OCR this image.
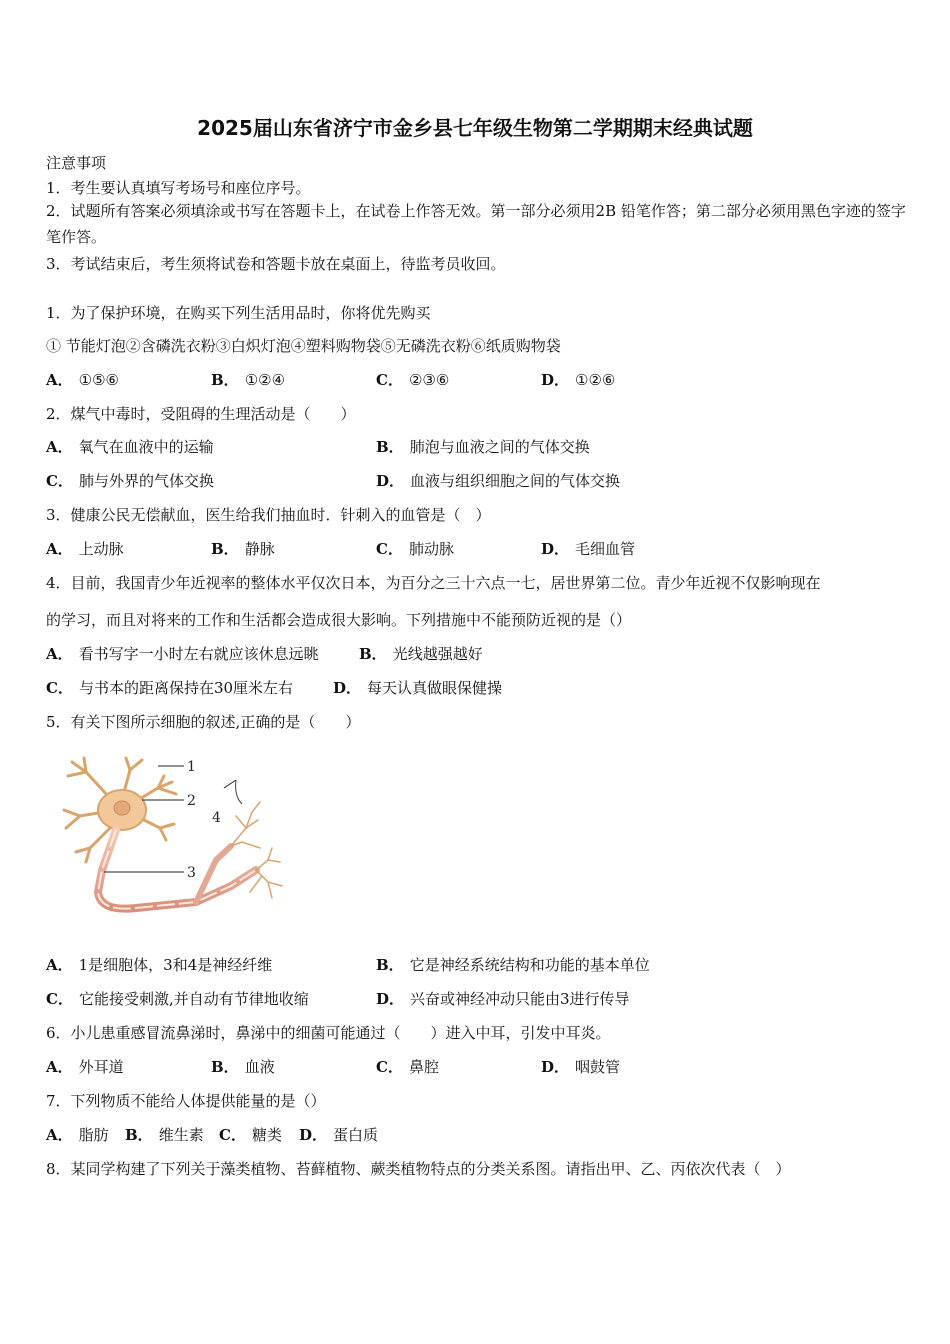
2025届山东省济宁市金乡县七年级生物第二学期期末经典试题
注意事项
1．考生要认真填写考场号和座位序号。
2．试题所有答案必须填涂或书写在答题卡上，在试卷上作答无效。第一部分必须用2B 铅笔作答；第二部分必须用黑色字迹的签字笔作答。
3．考试结束后，考生须将试卷和答题卡放在桌面上，待监考员收回。
1．为了保护环境，在购买下列生活用品时，你将优先购买
① 节能灯泡②含磷洗衣粉③白炽灯泡④塑料购物袋⑤无磷洗衣粉⑥纸质购物袋
A． ①⑤⑥	B． ①②④	C． ②③⑥	D． ①②⑥
2．煤气中毒时，受阻碍的生理活动是（　　）
A． 氧气在血液中的运输	B． 肺泡与血液之间的气体交换
C． 肺与外界的气体交换	D． 血液与组织细胞之间的气体交换
3．健康公民无偿献血，医生给我们抽血时．针刺入的血管是（　）
A． 上动脉	B． 静脉	C． 肺动脉	D． 毛细血管
4．目前，我国青少年近视率的整体水平仅次日本，为百分之三十六点一七，居世界第二位。青少年近视不仅影响现在
的学习，而且对将来的工作和生活都会造成很大影响。下列措施中不能预防近视的是（）
A． 看书写字一小时左右就应该休息远眺	B． 光线越强越好
C． 与书本的距离保持在30厘米左右	D． 每天认真做眼保健操
5．有关下图所示细胞的叙述,正确的是（　　）
1
2
3
4
A． 1是细胞体，3和4是神经纤维	B． 它是神经系统结构和功能的基本单位
C． 它能接受刺激,并自动有节律地收缩	D． 兴奋或神经冲动只能由3进行传导
6．小儿患重感冒流鼻涕时，鼻涕中的细菌可能通过（　　）进入中耳，引发中耳炎。
A． 外耳道	B． 血液	C． 鼻腔	D． 咽鼓管
7．下列物质不能给人体提供能量的是（）
A． 脂肪 B． 维生素 C． 糖类 D． 蛋白质
8．某同学构建了下列关于藻类植物、苔藓植物、蕨类植物特点的分类关系图。请指出甲、乙、丙依次代表（　）
